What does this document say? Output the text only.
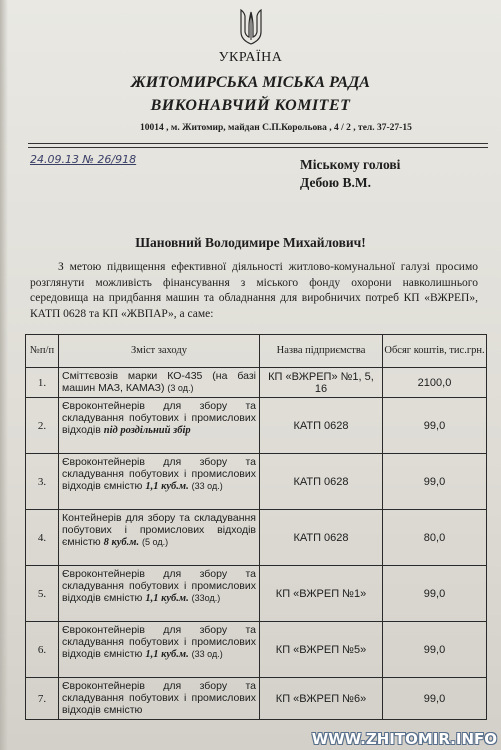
УКРАЇНА
ЖИТОМИРСЬКА МІСЬКА РАДА
ВИКОНАВЧИЙ КОМІТЕТ
10014 , м. Житомир, майдан С.П.Корольова , 4 / 2 , тел. 37-27-15
24.09.13 № 26/918	Міському голові
Дебою В.М.
Шановний Володимире Михайлович!
З метою підвищення ефективної діяльності житлово-комунальної галузі просимо розглянути можливість фінансування з міського фонду охорони навколишнього середовища на придбання машин та обладнання для виробничих потреб КП «ВЖРЕП», КАТП 0628 та КП «ЖВПАР», а саме:
№п/п	Зміст заходу	Назва підприємства	Обсяг коштів, тис.грн.
1.	Сміттєвозів марки КО-435 (на базі машин МАЗ, КАМАЗ) (3 од.)	КП «ВЖРЕП» №1, 5, 16	2100,0
2.	Євроконтейнерів для збору та складування побутових і промислових відходів під роздільний збір	КАТП 0628	99,0
3.	Євроконтейнерів для збору та складування побутових і промислових відходів ємністю 1,1 куб.м. (33 од.)	КАТП 0628	99,0
4.	Контейнерів для збору та складування побутових і промислових відходів ємністю 8 куб.м. (5 од.)	КАТП 0628	80,0
5.	Євроконтейнерів для збору та складування побутових і промислових відходів ємністю 1,1 куб.м. (33од.)	КП «ВЖРЕП №1»	99,0
6.	Євроконтейнерів для збору та складування побутових і промислових відходів ємністю 1,1 куб.м. (33 од.)	КП «ВЖРЕП №5»	99,0
7.	Євроконтейнерів для збору та складування побутових і промислових відходів ємністю	КП «ВЖРЕП №6»	99,0
WWW.ZHITOMIR.INFO
